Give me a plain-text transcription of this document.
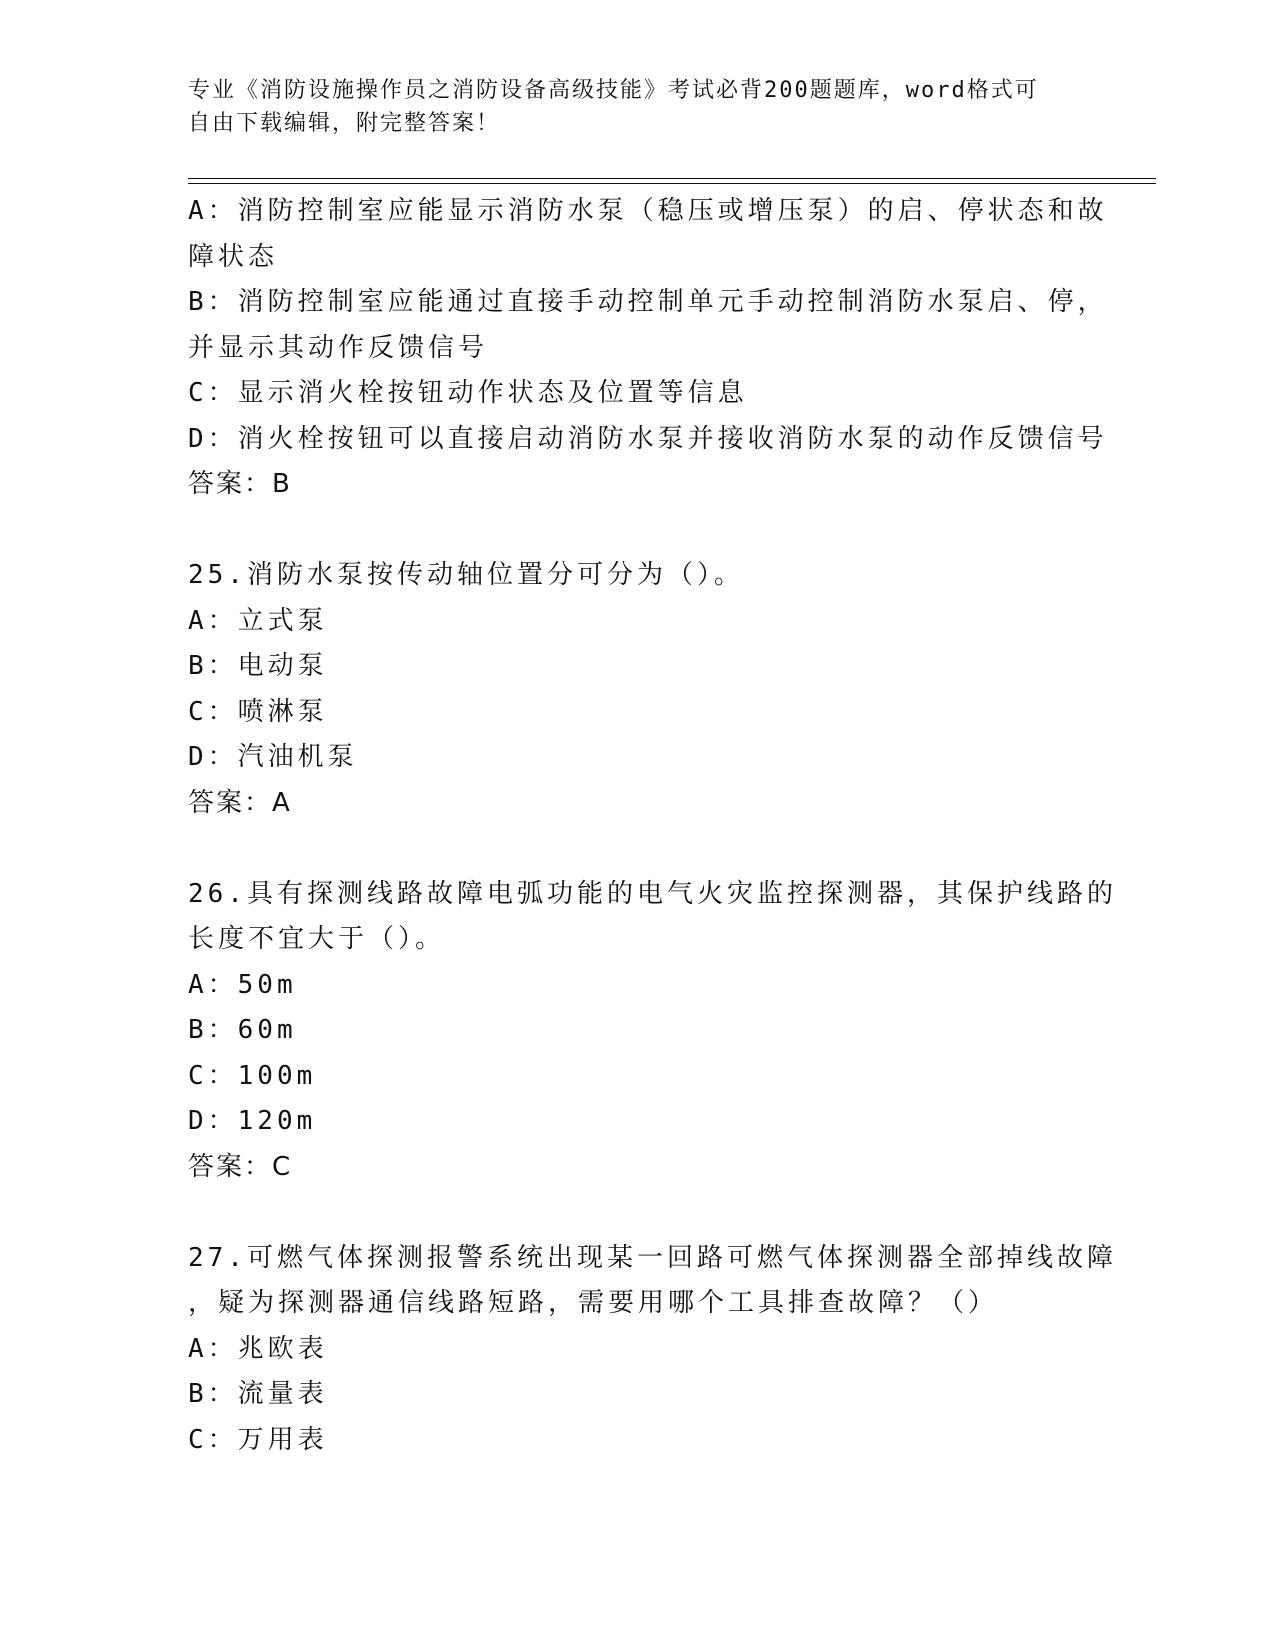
专业《消防设施操作员之消防设备高级技能》考试必背200题题库，word格式可
自由下载编辑，附完整答案！
A：消防控制室应能显示消防水泵（稳压或增压泵）的启、停状态和故
障状态
B：消防控制室应能通过直接手动控制单元手动控制消防水泵启、停，
并显示其动作反馈信号
C：显示消火栓按钮动作状态及位置等信息
D：消火栓按钮可以直接启动消防水泵并接收消防水泵的动作反馈信号
答案：B
25.消防水泵按传动轴位置分可分为（）。
A：立式泵
B：电动泵
C：喷淋泵
D：汽油机泵
答案：A
26.具有探测线路故障电弧功能的电气火灾监控探测器，其保护线路的
长度不宜大于（）。
A：50m
B：60m
C：100m
D：120m
答案：C
27.可燃气体探测报警系统出现某一回路可燃气体探测器全部掉线故障
，疑为探测器通信线路短路，需要用哪个工具排查故障？（）
A：兆欧表
B：流量表
C：万用表
